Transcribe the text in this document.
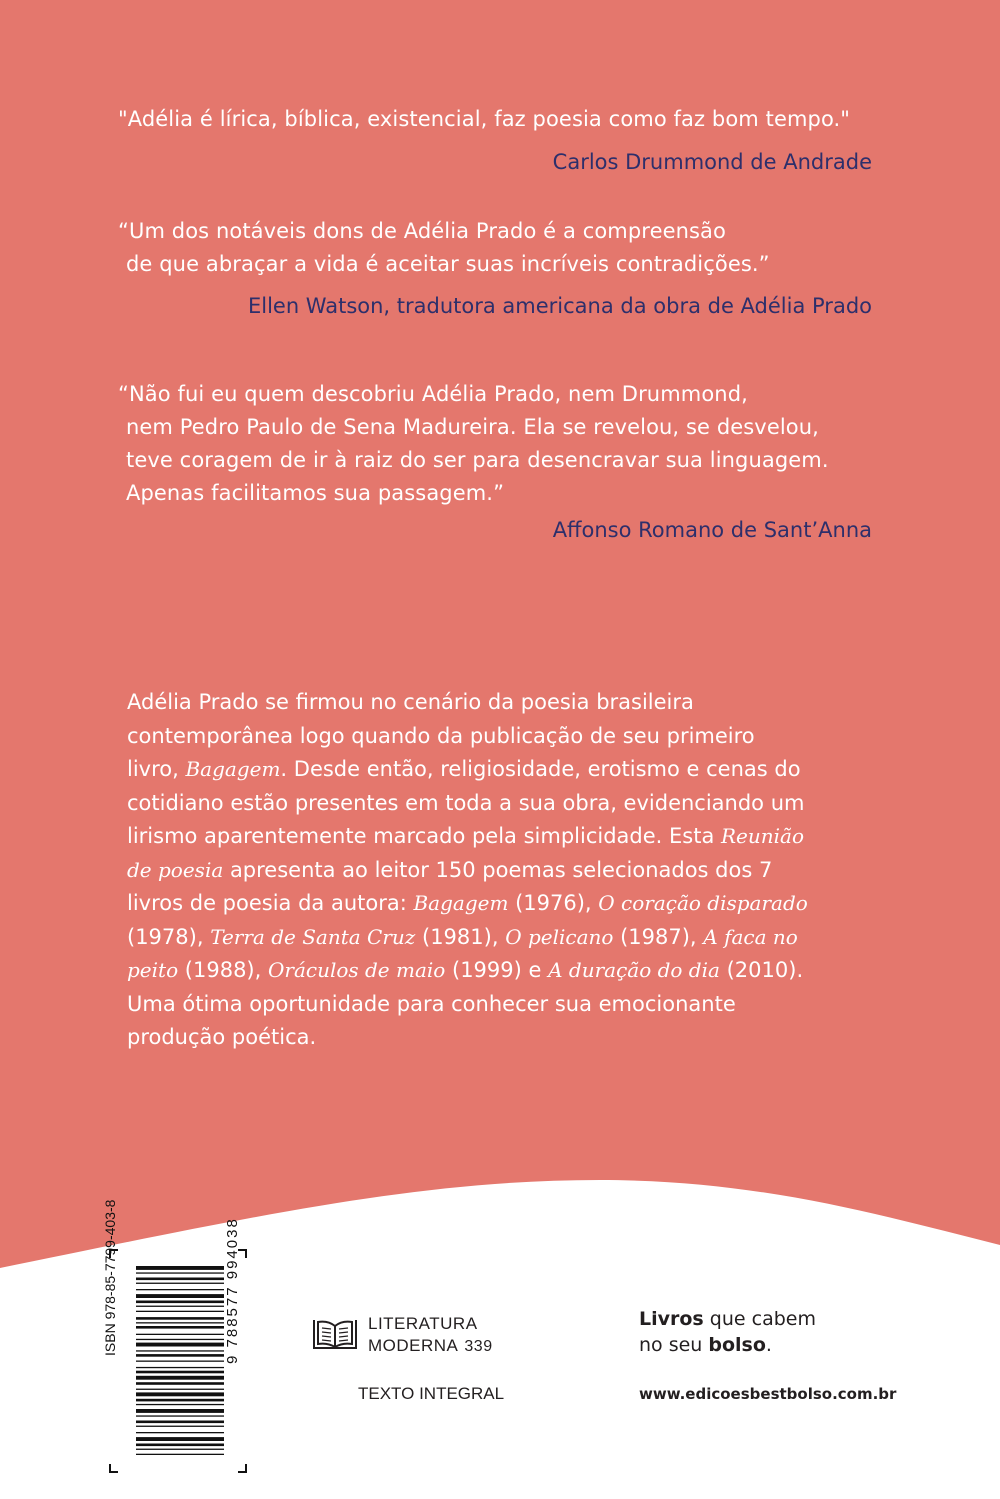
"Adélia é lírica, bíblica, existencial, faz poesia como faz bom tempo."
Carlos Drummond de Andrade
“Um dos notáveis dons de Adélia Prado é a compreensão
de que abraçar a vida é aceitar suas incríveis contradições.”
Ellen Watson, tradutora americana da obra de Adélia Prado
“Não fui eu quem descobriu Adélia Prado, nem Drummond,
nem Pedro Paulo de Sena Madureira. Ela se revelou, se desvelou,
teve coragem de ir à raiz do ser para desencravar sua linguagem.
Apenas facilitamos sua passagem.”
Affonso Romano de Sant’Anna
Adélia Prado se firmou no cenário da poesia brasileira
contemporânea logo quando da publicação de seu primeiro
livro, Bagagem. Desde então, religiosidade, erotismo e cenas do
cotidiano estão presentes em toda a sua obra, evidenciando um
lirismo aparentemente marcado pela simplicidade. Esta Reunião
de poesia apresenta ao leitor 150 poemas selecionados dos 7
livros de poesia da autora: Bagagem (1976), O coração disparado
(1978), Terra de Santa Cruz (1981), O pelicano (1987), A faca no
peito (1988), Oráculos de maio (1999) e A duração do dia (2010).
Uma ótima oportunidade para conhecer sua emocionante
produção poética.
ISBN 978-85-7799-403-8	9 788577 994038	LITERATURA
MODERNA 339
TEXTO INTEGRAL
Livros que cabem
no seu bolso.
www.edicoesbestbolso.com.br
